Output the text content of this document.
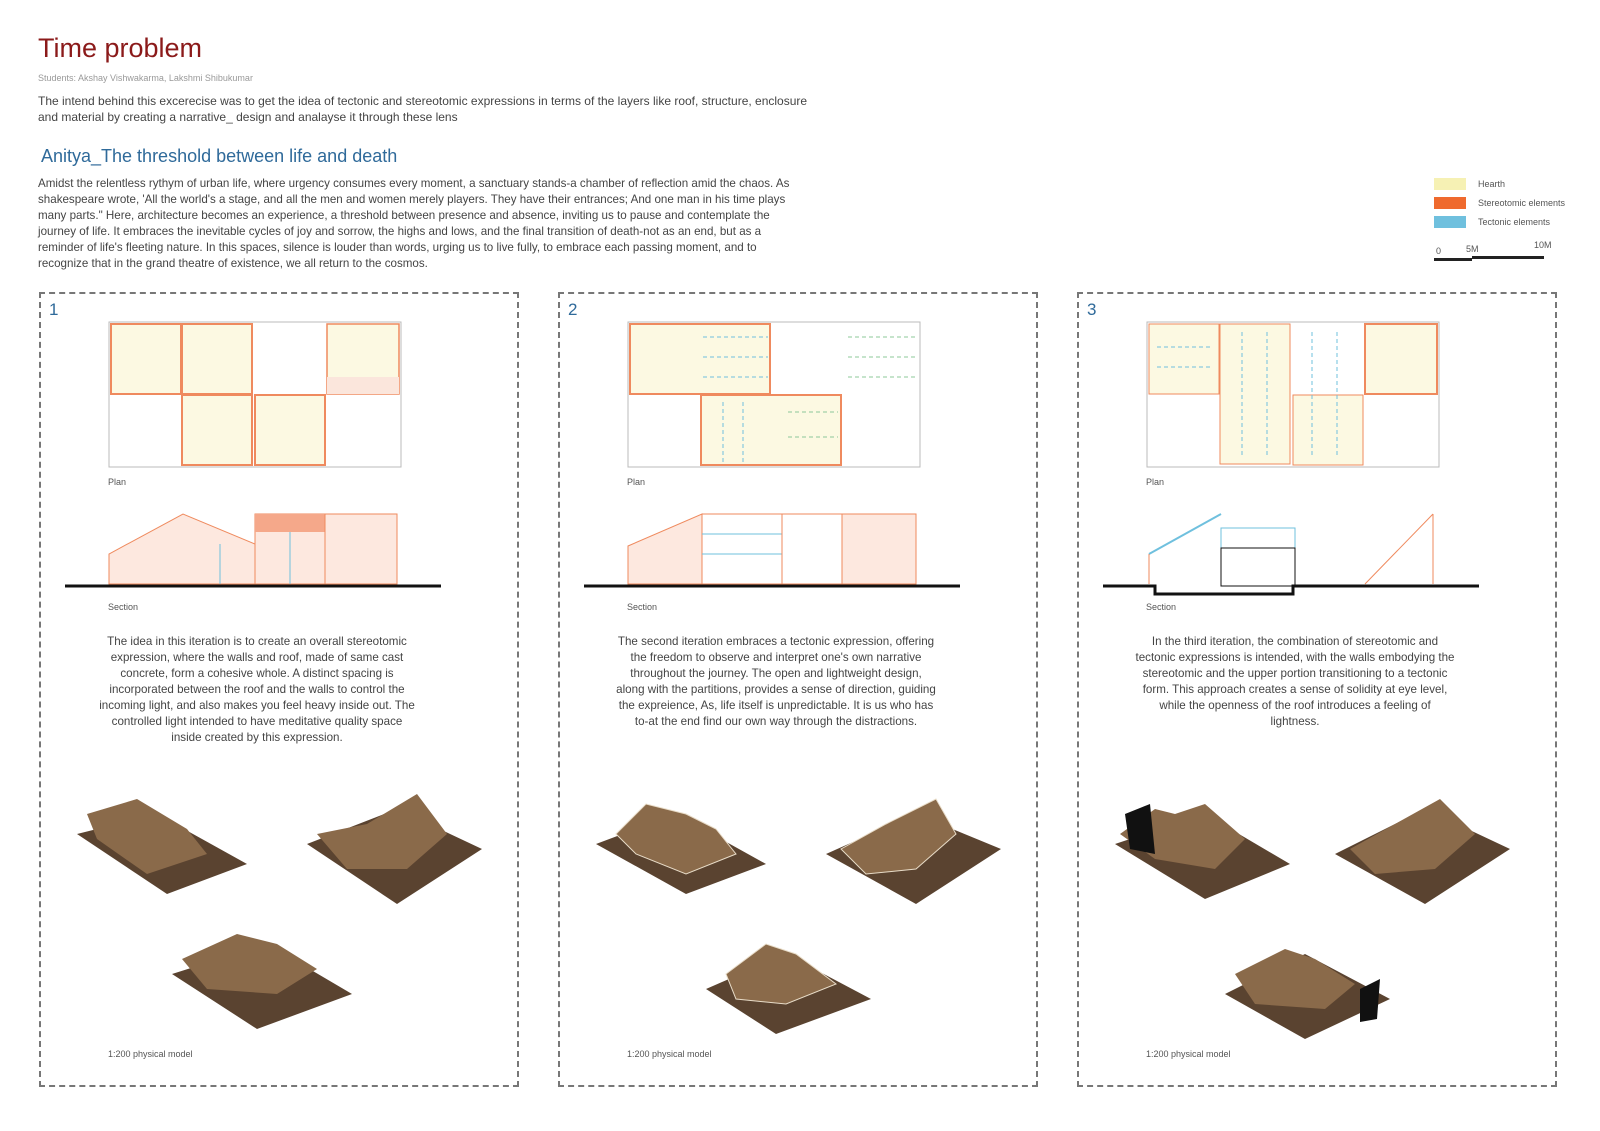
Time problem
Students: Akshay Vishwakarma, Lakshmi Shibukumar
The intend behind this excerecise was to get the idea of tectonic and stereotomic expressions in terms of the layers like roof, structure, enclosure and material by creating a narrative_ design and analayse it through these lens
Anitya_The threshold between life and death
Amidst the relentless rythym of urban life, where urgency consumes every moment, a sanctuary stands-a chamber of reflection amid the chaos. As shakespeare wrote, 'All the world's a stage, and all the men and women merely players. They have their entrances; And one man in his time plays many parts." Here, architecture becomes an experience, a threshold between presence and absence, inviting us to pause and contemplate the journey of life. It embraces the inevitable cycles of joy and sorrow, the highs and lows, and the final transition of death-not as an end, but as a reminder of life's fleeting nature. In this spaces, silence is louder than words, urging us to live fully, to embrace each passing moment, and to recognize that in the grand theatre of existence, we all return to the cosmos.
Hearth
Stereotomic elements
Tectonic elements
0	5M	10M
1
Plan
Section
The idea in this iteration is to create an overall stereotomic expression, where the walls and roof, made of same cast concrete, form a cohesive whole. A distinct spacing is incorporated between the roof and the walls to control the incoming light, and also makes you feel heavy inside out. The controlled light intended to have meditative quality space inside created by this expression.
1:200 physical model
2
Plan
Section
The second iteration embraces a tectonic expression, offering the freedom to observe and interpret one's own narrative throughout the journey. The open and lightweight design, along with the partitions, provides a sense of direction, guiding the expreience, As, life itself is unpredictable. It is us who has to-at the end find our own way through the distractions.
1:200 physical model
3
Plan
Section
In the third iteration, the combination of stereotomic and tectonic expressions is intended, with the walls embodying the stereotomic and the upper portion transitioning to a tectonic form. This approach creates a sense of solidity at eye level, while the openness of the roof introduces a feeling of lightness.
1:200 physical model
